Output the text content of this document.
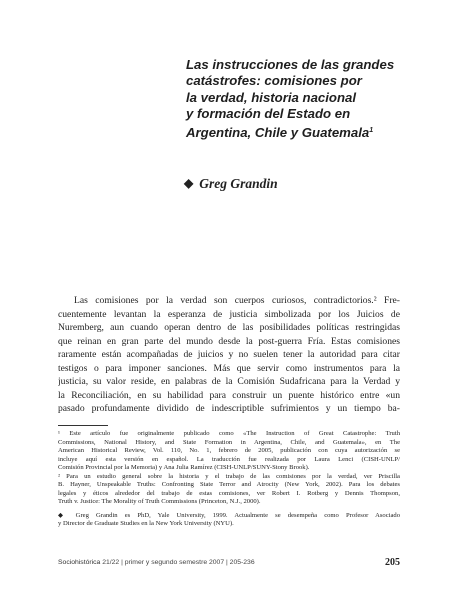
Las instrucciones de las grandes
catástrofes: comisiones por
la verdad, historia nacional
y formación del Estado en
Argentina, Chile y Guatemala$^1$
◆ Greg Grandin
Las comisiones por la verdad son cuerpos curiosos, contradictorios.² Fre-
cuentemente levantan la esperanza de justicia simbolizada por los Juicios de
Nuremberg, aun cuando operan dentro de las posibilidades políticas restringidas
que reinan en gran parte del mundo desde la post-guerra Fría. Estas comisiones
raramente están acompañadas de juicios y no suelen tener la autoridad para citar
testigos o para imponer sanciones. Más que servir como instrumentos para la
justicia, su valor reside, en palabras de la Comisión Sudafricana para la Verdad y
la Reconciliación, en su habilidad para construir un puente histórico entre «un
pasado profundamente dividido de indescriptible sufrimientos y un tiempo ba-
¹ Este artículo fue originalmente publicado como «The Instruction of Great Catastrophe: Truth
Commissions, National History, and State Formation in Argentina, Chile, and Guatemala», en The
American Historical Review, Vol. 110, No. 1, febrero de 2005, publicación con cuya autorización se
incluye aquí esta versión en español. La traducción fue realizada por Laura Lenci (CISH-UNLP/
Comisión Provincial por la Memoria) y Ana Julia Ramírez (CISH-UNLP/SUNY-Stony Brook).
² Para un estudio general sobre la historia y el trabajo de las comisiones por la verdad, ver Priscilla
B. Hayner, Unspeakable Truths: Confronting State Terror and Atrocity (New York, 2002). Para los debates
legales y éticos alrededor del trabajo de estas comisiones, ver Robert I. Rotberg y Dennis Thompson,
Truth v. Justice: The Morality of Truth Commissions (Princeton, N.J., 2000).
◆ Greg Grandin es PhD, Yale University, 1999. Actualmente se desempeña como Profesor Asociado
y Director de Graduate Studies en la New York University (NYU).
Sociohistórica 21/22 | primer y segundo semestre 2007 | 205-236	205
